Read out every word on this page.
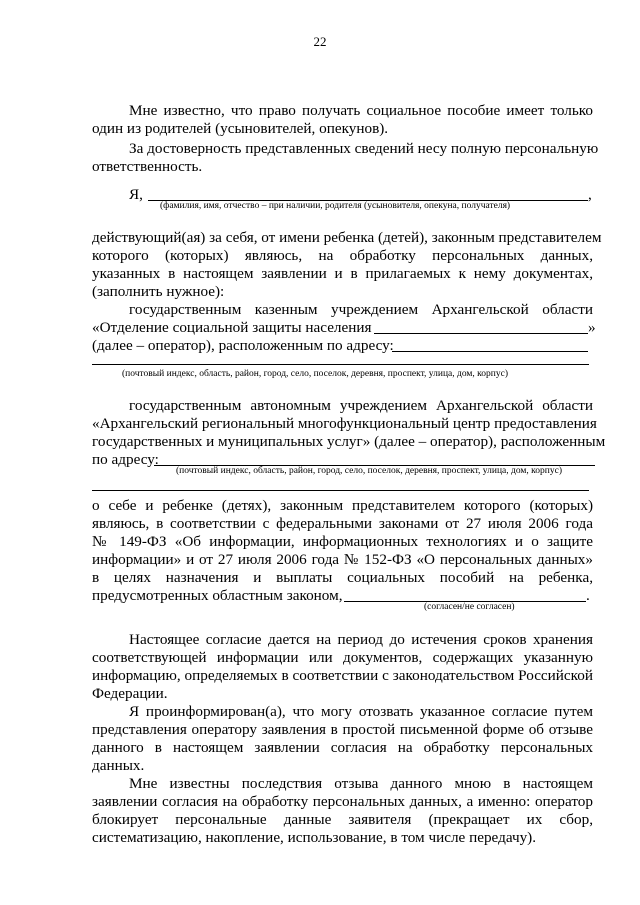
22
Мне известно, что право получать социальное пособие имеет только
один из родителей (усыновителей, опекунов).
За достоверность представленных сведений несу полную персональную
ответственность.
Я,	,
(фамилия, имя, отчество – при наличии, родителя (усыновителя, опекуна, получателя)
действующий(ая) за себя, от имени ребенка (детей), законным представителем
которого (которых) являюсь, на обработку персональных данных,
указанных в настоящем заявлении и в прилагаемых к нему документах,
(заполнить нужное):
государственным казенным учреждением Архангельской области
«Отделение социальной защиты населения	»
(далее – оператор), расположенным по адресу:
(почтовый индекс, область, район, город, село, поселок, деревня, проспект, улица, дом, корпус)
государственным автономным учреждением Архангельской области
«Архангельский региональный многофункциональный центр предоставления
государственных и муниципальных услуг» (далее – оператор), расположенным
по адресу:
(почтовый индекс, область, район, город, село, поселок, деревня, проспект, улица, дом, корпус)
о себе и ребенке (детях), законным представителем которого (которых)
являюсь, в соответствии с федеральными законами от 27 июля 2006 года
№ 149-ФЗ «Об информации, информационных технологиях и о защите
информации» и от 27 июля 2006 года № 152-ФЗ «О персональных данных»
в целях назначения и выплаты социальных пособий на ребенка,
предусмотренных областным законом,	.
(согласен/не согласен)
Настоящее согласие дается на период до истечения сроков хранения
соответствующей информации или документов, содержащих указанную
информацию, определяемых в соответствии с законодательством Российской
Федерации.
Я проинформирован(а), что могу отозвать указанное согласие путем
представления оператору заявления в простой письменной форме об отзыве
данного в настоящем заявлении согласия на обработку персональных
данных.
Мне известны последствия отзыва данного мною в настоящем
заявлении согласия на обработку персональных данных, а именно: оператор
блокирует персональные данные заявителя (прекращает их сбор,
систематизацию, накопление, использование, в том числе передачу).
